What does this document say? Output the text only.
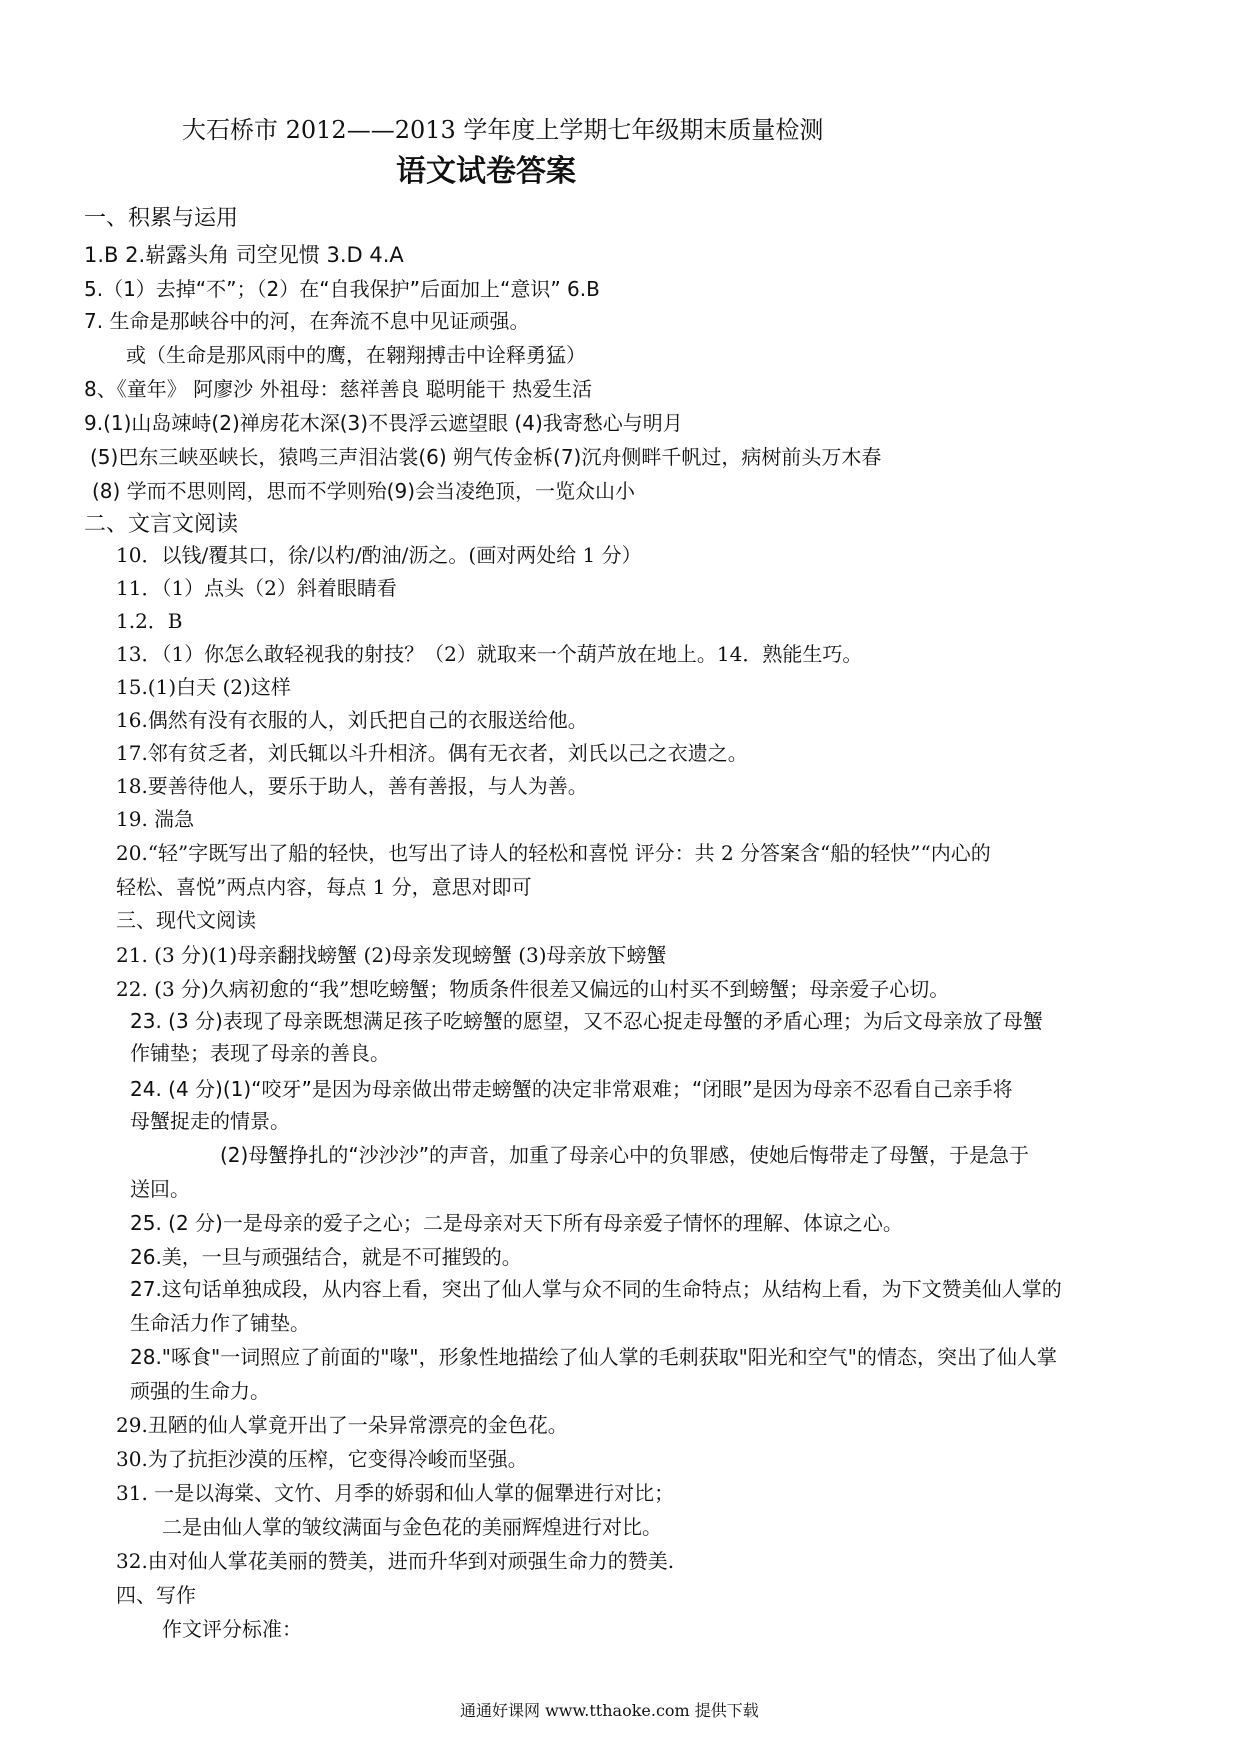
大石桥市 2012——2013 学年度上学期七年级期末质量检测
语文试卷答案
一、积累与运用
1.B 2.崭露头角 司空见惯 3.D 4.A
5.（1）去掉“不”；（2）在“自我保护”后面加上“意识” 6.B
7. 生命是那峡谷中的河，在奔流不息中见证顽强。
或（生命是那风雨中的鹰，在翱翔搏击中诠释勇猛）
8、《童年》 阿廖沙 外祖母：慈祥善良 聪明能干 热爱生活
9.(1)山岛竦峙(2)禅房花木深(3)不畏浮云遮望眼 (4)我寄愁心与明月
(5)巴东三峡巫峡长，猿鸣三声泪沾裳(6) 朔气传金柝(7)沉舟侧畔千帆过，病树前头万木春
(8) 学而不思则罔，思而不学则殆(9)会当凌绝顶，一览众山小
二、文言文阅读
10．以钱/覆其口，徐/以杓/酌油/沥之。(画对两处给 1 分）
11．（1）点头（2）斜着眼睛看
1.2．B
13．（1）你怎么敢轻视我的射技？（2）就取来一个葫芦放在地上。14．熟能生巧。
15.(1)白天 (2)这样
16.偶然有没有衣服的人，刘氏把自己的衣服送给他。
17.邻有贫乏者，刘氏辄以斗升相济。偶有无衣者，刘氏以己之衣遗之。
18.要善待他人，要乐于助人，善有善报，与人为善。
19. 湍急
20.“轻”字既写出了船的轻快，也写出了诗人的轻松和喜悦 评分：共 2 分答案含“船的轻快”“内心的
轻松、喜悦”两点内容，每点 1 分，意思对即可
三、现代文阅读
21. (3 分)(1)母亲翻找螃蟹 (2)母亲发现螃蟹 (3)母亲放下螃蟹
22. (3 分)久病初愈的“我”想吃螃蟹；物质条件很差又偏远的山村买不到螃蟹；母亲爱子心切。
23. (3 分)表现了母亲既想满足孩子吃螃蟹的愿望，又不忍心捉走母蟹的矛盾心理；为后文母亲放了母蟹
作铺垫；表现了母亲的善良。
24. (4 分)(1)“咬牙”是因为母亲做出带走螃蟹的决定非常艰难；“闭眼”是因为母亲不忍看自己亲手将
母蟹捉走的情景。
(2)母蟹挣扎的“沙沙沙”的声音，加重了母亲心中的负罪感，使她后悔带走了母蟹，于是急于
送回。
25. (2 分)一是母亲的爱子之心；二是母亲对天下所有母亲爱子情怀的理解、体谅之心。
26.美，一旦与顽强结合，就是不可摧毁的。
27.这句话单独成段，从内容上看，突出了仙人掌与众不同的生命特点；从结构上看，为下文赞美仙人掌的
生命活力作了铺垫。
28."啄食"一词照应了前面的"喙"，形象性地描绘了仙人掌的毛刺获取"阳光和空气"的情态，突出了仙人掌
顽强的生命力。
29.丑陋的仙人掌竟开出了一朵异常漂亮的金色花。
30.为了抗拒沙漠的压榨，它变得冷峻而坚强。
31. 一是以海棠、文竹、月季的娇弱和仙人掌的倔犟进行对比；
二是由仙人掌的皱纹满面与金色花的美丽辉煌进行对比。
32.由对仙人掌花美丽的赞美，进而升华到对顽强生命力的赞美.
四、写作
作文评分标准：
通通好课网 www.tthaoke.com 提供下载
